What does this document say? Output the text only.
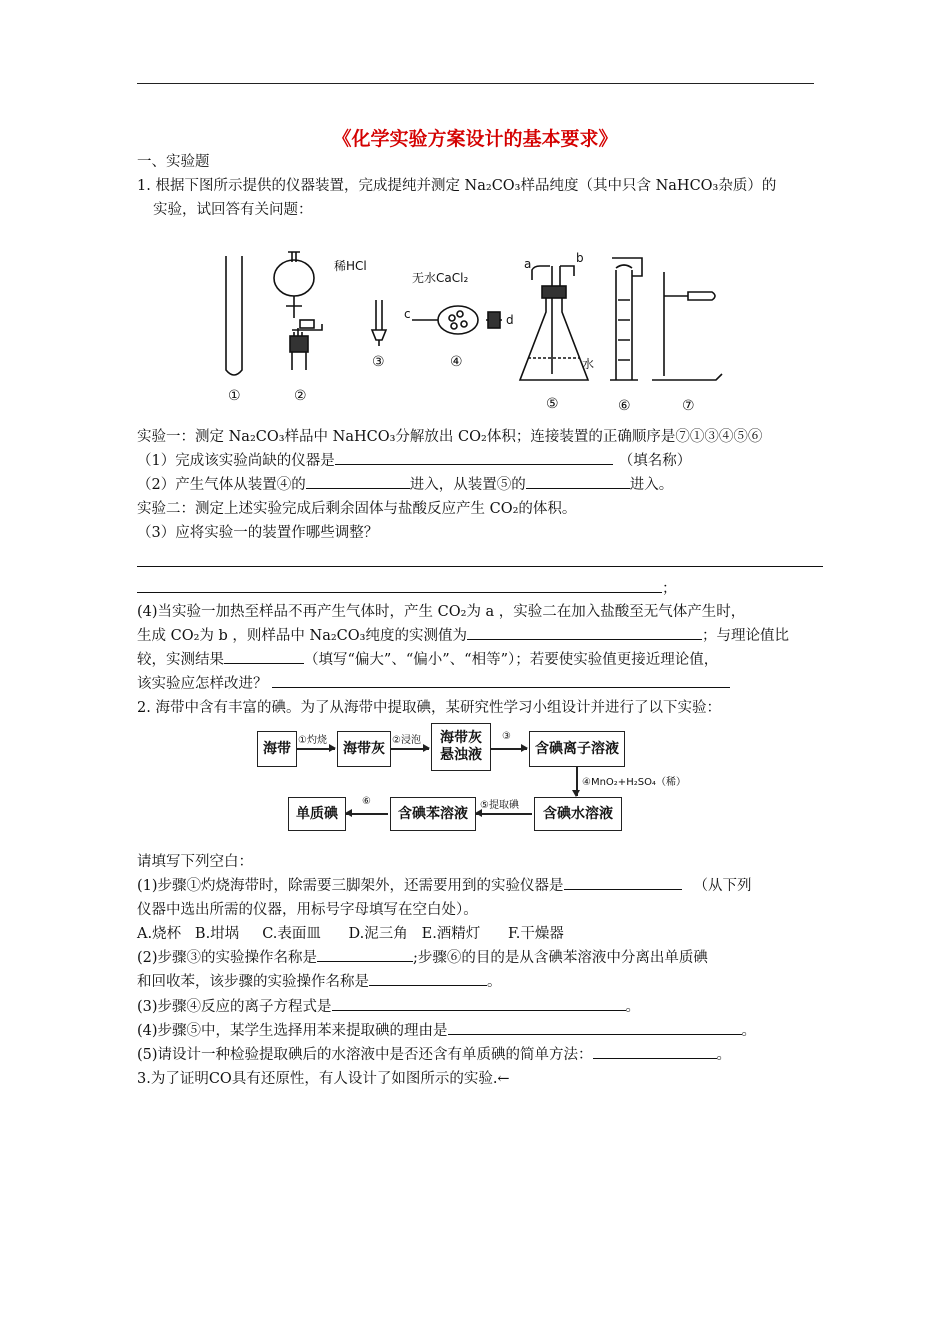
《化学实验方案设计的基本要求》
一、实验题
1. 根据下图所示提供的仪器装置，完成提纯并测定 Na₂CO₃样品纯度（其中只含 NaHCO₃杂质）的
实验，试回答有关问题：
稀HCl
无水CaCl₂
水
a	b
c	d
①	②
③	④
⑤	⑥	⑦
实验一：测定 Na₂CO₃样品中 NaHCO₃分解放出 CO₂体积；连接装置的正确顺序是⑦①③④⑤⑥
（1）完成该实验尚缺的仪器是	（填名称）
（2）产生气体从装置④的	进入，从装置⑤的	进入。
实验二：测定上述实验完成后剩余固体与盐酸反应产生 CO₂的体积。
（3）应将实验一的装置作哪些调整？
；
(4)当实验一加热至样品不再产生气体时，产生 CO₂为 a ，实验二在加入盐酸至无气体产生时，
生成 CO₂为 b ，则样品中 Na₂CO₃纯度的实测值为	；与理论值比
较，实测结果	（填写“偏大”、“偏小”、“相等”）；若要使实验值更接近理论值，
该实验应怎样改进？
2. 海带中含有丰富的碘。为了从海带中提取碘，某研究性学习小组设计并进行了以下实验：
海带 ①灼烧	海带灰 ②浸泡 海带灰
悬浊液
③
含碘离子溶液
④MnO₂+H₂SO₄（稀）
含碘水溶液
⑤提取碘
含碘苯溶液
⑥
单质碘
请填写下列空白：
(1)步骤①灼烧海带时，除需要三脚架外，还需要用到的实验仪器是	（从下列
仪器中选出所需的仪器，用标号字母填写在空白处）。
A.烧杯   B.坩埚     C.表面皿      D.泥三角   E.酒精灯      F.干燥器
(2)步骤③的实验操作名称是	;步骤⑥的目的是从含碘苯溶液中分离出单质碘
和回收苯，该步骤的实验操作名称是	。
(3)步骤④反应的离子方程式是	。
(4)步骤⑤中，某学生选择用苯来提取碘的理由是	。
(5)请设计一种检验提取碘后的水溶液中是否还含有单质碘的简单方法：	。
3.为了证明CO具有还原性，有人设计了如图所示的实验.←
